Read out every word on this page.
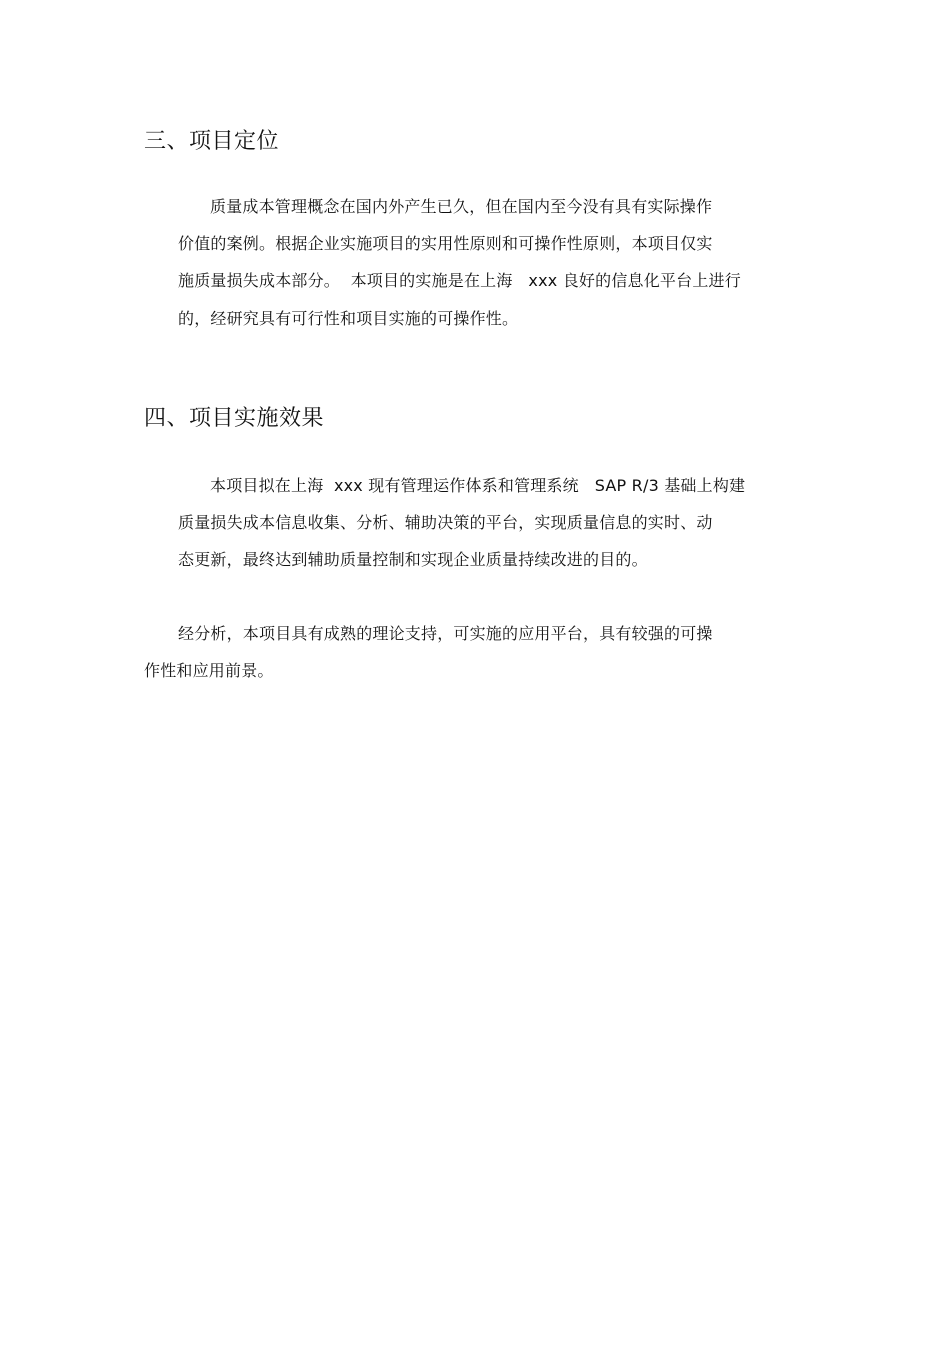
三、项目定位
质量成本管理概念在国内外产生已久，但在国内至今没有具有实际操作
价值的案例。根据企业实施项目的实用性原则和可操作性原则，本项目仅实
施质量损失成本部分。  本项目的实施是在上海   xxx 良好的信息化平台上进行
的，经研究具有可行性和项目实施的可操作性。
四、项目实施效果
本项目拟在上海  xxx 现有管理运作体系和管理系统   SAP R/3 基础上构建
质量损失成本信息收集、分析、辅助决策的平台，实现质量信息的实时、动
态更新，最终达到辅助质量控制和实现企业质量持续改进的目的。
经分析，本项目具有成熟的理论支持，可实施的应用平台，具有较强的可操
作性和应用前景。
